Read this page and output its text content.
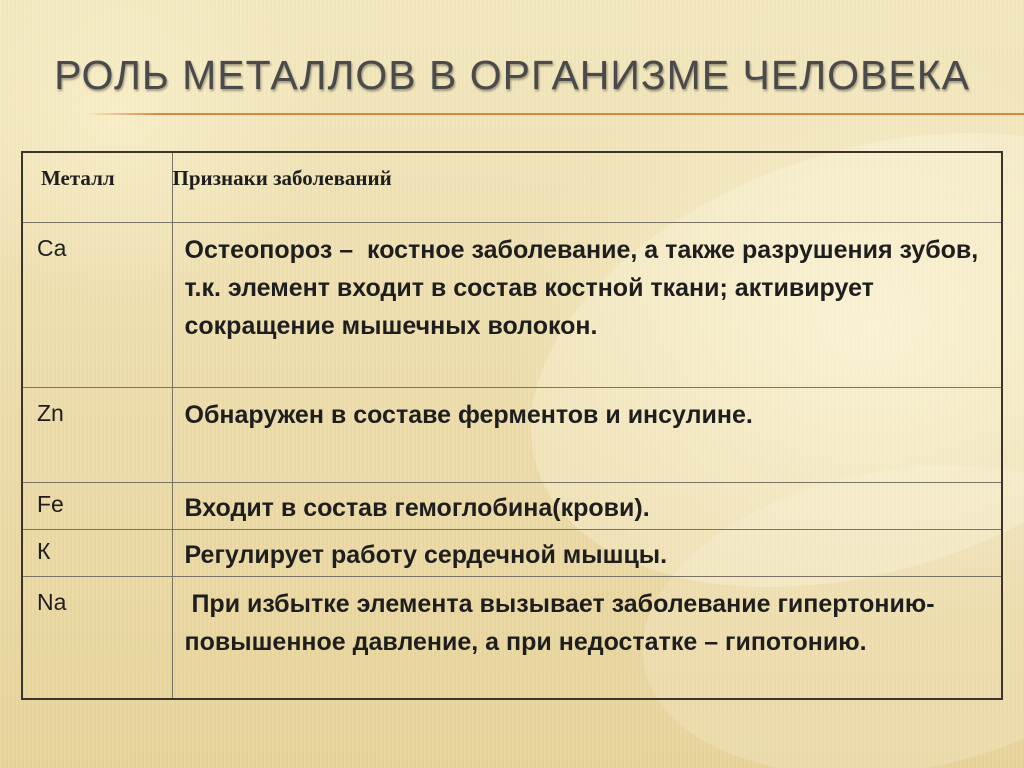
РОЛЬ МЕТАЛЛОВ В ОРГАНИЗМЕ ЧЕЛОВЕКА
Металл	Признаки заболеваний
Ca	Остеопороз –  костное заболевание, а также разрушения зубов, т.к. элемент входит в состав костной ткани; активирует сокращение мышечных волокон.
Zn	Обнаружен в составе ферментов и инсулине.
Fe	Входит в состав гемоглобина(крови).
К	Регулирует работу сердечной мышцы.
Na	При избытке элемента вызывает заболевание гипертонию- повышенное давление, а при недостатке – гипотонию.
